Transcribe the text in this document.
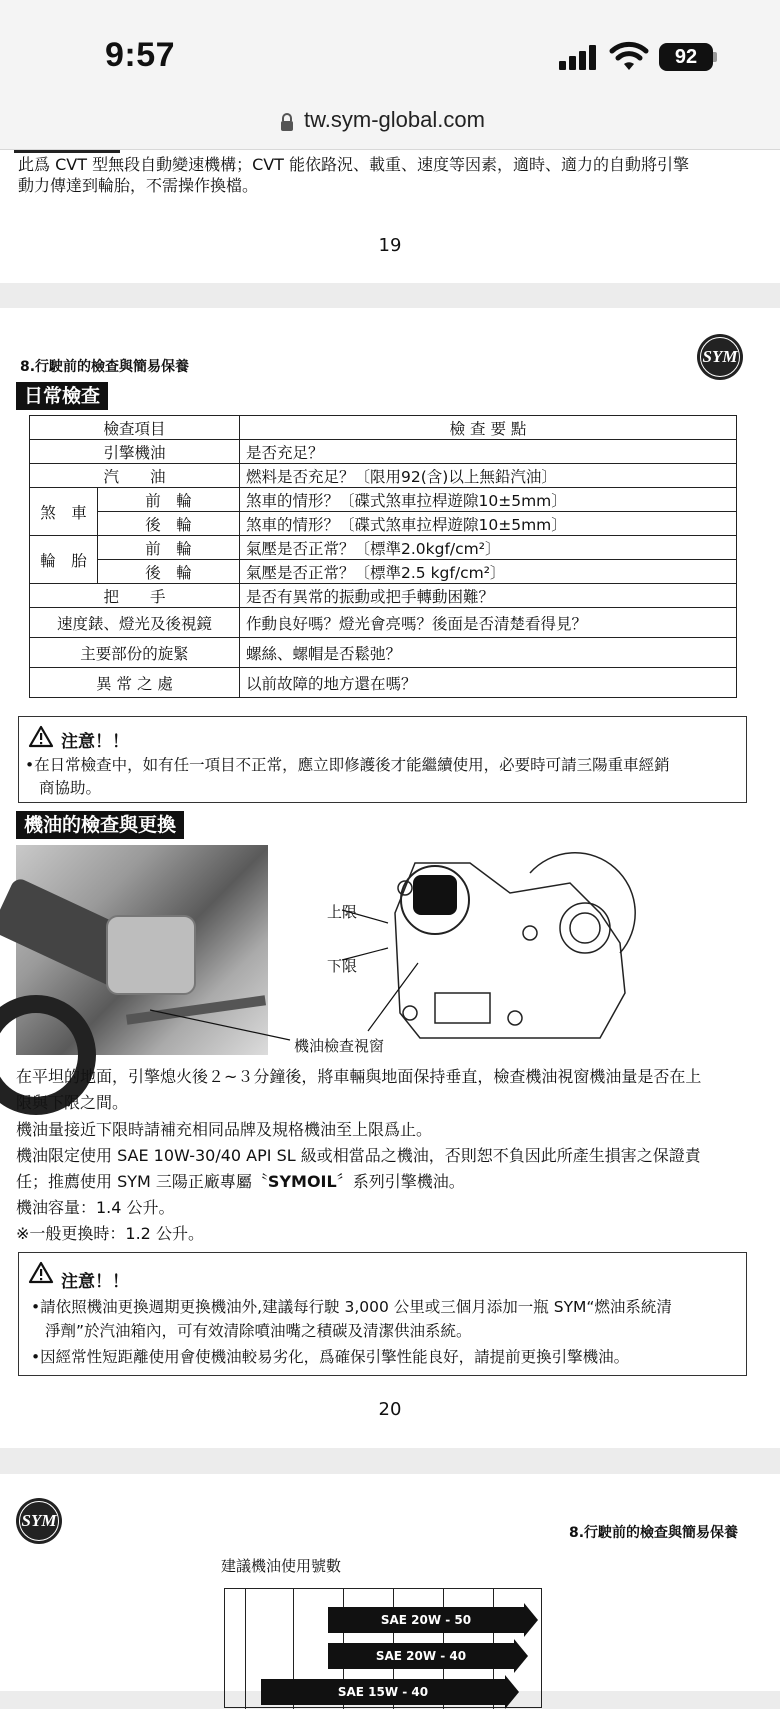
9:57	92
tw.sym-global.com
此爲 CVT 型無段自動變速機構；CVT 能依路況、載重、速度等因素，適時、適力的自動將引擎
動力傳達到輪胎，不需操作換檔。
19
SYM
8.行駛前的檢查與簡易保養
日常檢查
檢查項目		檢 查 要 點
引擎機油		是否充足？
汽　　油		燃料是否充足？〔限用92(含)以上無鉛汽油〕
煞　車	前　輪	煞車的情形？〔碟式煞車拉桿遊隙10±5mm〕
	後　輪	煞車的情形？〔碟式煞車拉桿遊隙10±5mm〕
輪　胎	前　輪	氣壓是否正常？〔標準2.0kgf/cm²〕
	後　輪	氣壓是否正常？〔標準2.5 kgf/cm²〕
把　　手		是否有異常的振動或把手轉動困難？
速度錶、燈光及後視鏡		作動良好嗎？燈光會亮嗎？後面是否清楚看得見？
主要部份的旋緊		螺絲、螺帽是否鬆弛？
異 常 之 處		以前故障的地方還在嗎？
注意！！
•在日常檢查中，如有任一項目不正常，應立即修護後才能繼續使用，必要時可請三陽重車經銷
商協助。
機油的檢查與更換
上限
下限
機油檢查視窗
在平坦的地面，引擎熄火後２~３分鐘後，將車輛與地面保持垂直，檢查機油視窗機油量是否在上
限與下限之間。
機油量接近下限時請補充相同品牌及規格機油至上限爲止。
機油限定使用 SAE 10W-30/40 API SL 級或相當品之機油，否則恕不負因此所產生損害之保證責
任；推薦使用 SYM 三陽正廠專屬〝SYMOIL〞系列引擎機油。
機油容量：1.4 公升。
※一般更換時：1.2 公升。
注意！！
•請依照機油更換週期更換機油外,建議每行駛 3,000 公里或三個月添加一瓶 SYM“燃油系統清
淨劑”於汽油箱內，可有效清除噴油嘴之積碳及清潔供油系統。
•因經常性短距離使用會使機油較易劣化，爲確保引擎性能良好，請提前更換引擎機油。
20
SYM
8.行駛前的檢查與簡易保養
建議機油使用號數
SAE 20W - 50
SAE 20W - 40
SAE 15W - 40
